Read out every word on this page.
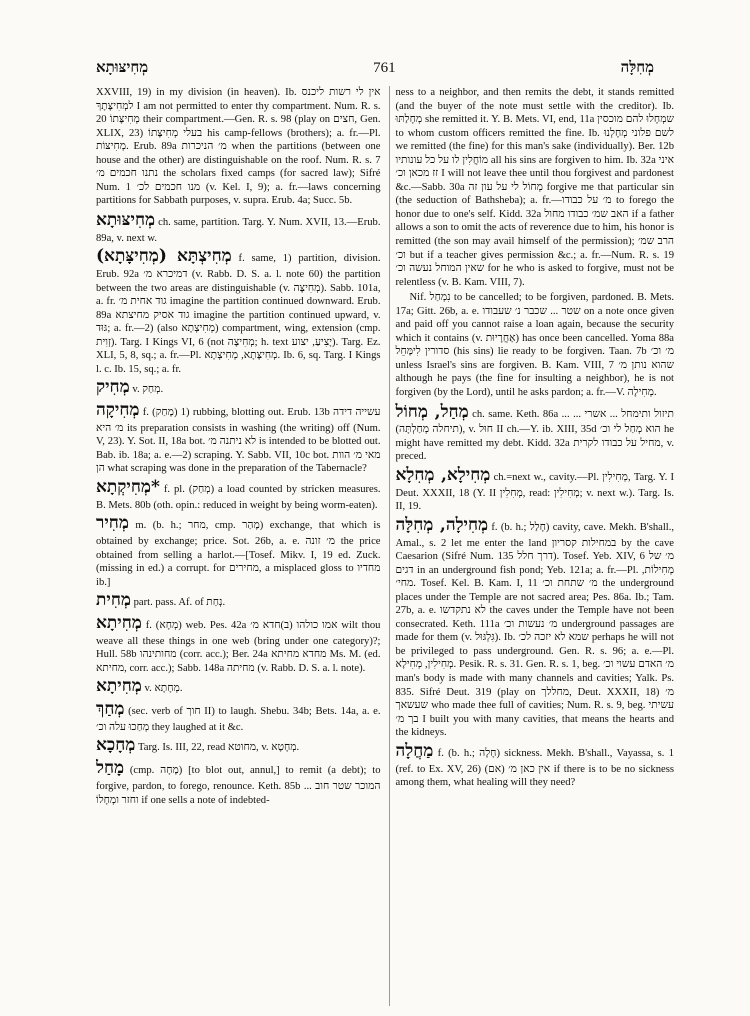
מְחִיצּוּתָא	761	מְחִלָּה

XXVIII, 19) in my division (in heaven). Ib. אין לי רשות ליכנס למְחִיצָּתָךְ I am not permitted to enter thy compartment. Num. R. s. 20 מְחִיצָּתוֹ their compartment.—Gen. R. s. 98 (play on חצים, Gen. XLIX, 23) בעלי מְחִיצָּתוֹ his camp-fellows (brothers); a. fr.—Pl. מְחִיצּוֹת. Erub. 89a מ׳ הניכרות when the partitions (between one house and the other) are distinguishable on the roof. Num. R. s. 7 נתנו חכמים מ׳ the scholars fixed camps (for sacred law); Sifré Num. 1 מנו חכמים לכ׳ (v. Kel. I, 9); a. fr.—laws concerning partitions for Sabbath purposes, v. supra. Erub. 4a; Succ. 5b.

מְחִיצּוּתָא ch. same, partition. Targ. Y. Num. XVII, 13.—Erub. 89a, v. next w.

מְחִיצְתָּא (מְחִיצָּתָא) f. same, 1) partition, division. Erub. 92a דמיכרא מ׳ (v. Rabb. D. S. a. l. note 60) the partition between the two areas are distinguishable (v. מְחִיצָּה). Sabb. 101a, a. fr. גוד אחית מ׳ imagine the partition continued downward. Erub. 89a גוד אסיק מחיצתא imagine the partition continued upward, v. גּוּד; a. fr.—2) (also מְחִיצְתָא) compartment, wing, extension (cmp. זְוִית). Targ. I Kings VI, 6 (not מְחִיצָה; h. text יָצִיעַ, יצוע). Targ. Ez. XLI, 5, 8, sq.; a. fr.—Pl. מְחִיצָּתָא, מְחִיצְתָא. Ib. 6, sq. Targ. I Kings l. c. Ib. 15, sq.; a. fr.

מְחִיק v. מְחַק.

מְחִיקָה f. (מָחַק) 1) rubbing, blotting out. Erub. 13b עשייה דידה מ׳ היא its preparation consists in washing (the writing) off (Num. V, 23). Y. Sot. II, 18a bot. לא ניתנה מ׳ is intended to be blotted out. Bab. ib. 18a; a. e.—2) scraping. Y. Sabb. VII, 10c bot. מאי מ׳ הוות הן what scraping was done in the preparation of the Tabernacle?

*מְחִיקְתָא f. pl. (מְחַק) a load counted by stricken measures. B. Mets. 80b (oth. opin.: reduced in weight by being worm-eaten).

מְחִיר m. (b. h.; מחר, cmp. מָהַר) exchange, that which is obtained by exchange; price. Sot. 26b, a. e. מ׳ זונה the price obtained from selling a harlot.—[Tosef. Mikv. I, 19 ed. Zuck. (missing in ed.) a corrupt. for מחירים, a misplaced gloss to מחדיו ib.]

מְחִית part. pass. Af. of נְחַת.

מְחִיתָא f. (מְחָא) web. Pes. 42a אמו כולהו (ב)חדא מ׳ wilt thou weave all these things in one web (bring under one category)?; Hull. 58b מחותינהו (corr. acc.); Ber. 24a מחדא מחיתא Ms. M. (ed. מחיתא, corr. acc.); Sabb. 148a מחיתה (v. Rabb. D. S. a. l. note).

מְחִיתָא v. מְחָתָא.

מְחַךְ (sec. verb of חוך II) to laugh. Shebu. 34b; Bets. 14a, a. e. מְחַכוּ עלה וכ׳ they laughed at it &c.

מְחָכָא Targ. Is. III, 22, read מחוטא, v. מְחָטָא.

מָחַל (cmp. מָחָה) [to blot out, annul,] to remit (a debt); to forgive, pardon, to forego, renounce. Keth. 85b המוכר שטר חוב ... וחזר ומְחָלוֹ if one sells a note of indebted-

ness to a neighbor, and then remits the debt, it stands remitted (and the buyer of the note must settle with the creditor). Ib. מְחָלַתּוּ she remitted it. Y. B. Mets. VI, end, 11a שמְחָלוּ להם מוכסין to whom custom officers remitted the fine. Ib. לשם פלוני מְחָלְנוּ we remitted (the fine) for this man's sake (individually). Ber. 12b מוֹחֲלִין לו על כל עונותיו all his sins are forgiven to him. Ib. 32a איני זז מכאן וכ׳ I will not leave thee until thou forgivest and pardonest &c.—Sabb. 30a מְחוֹל לי על עון זה forgive me that particular sin (the seduction of Bathsheba); a. fr.—מ׳ על כבודו to forego the honor due to one's self. Kidd. 32a האב שמ׳ כבודו מחול if a father allows a son to omit the acts of reverence due to him, his honor is remitted (the son may avail himself of the permission); הרב שמ׳ וכ׳ but if a teacher gives permission &c.; a. fr.—Num. R. s. 19 שאין המוחל נעשה וכ׳ for he who is asked to forgive, must not be relentless (v. B. Kam. VIII, 7).

Nif. נִמְחַל to be cancelled; to be forgiven, pardoned. B. Mets. 17a; Gitt. 26b, a. e. שטר ... שכבר נ׳ שעבודו on a note once given and paid off you cannot raise a loan again, because the security which it contains (v. אַחֲרָיוּת) has once been cancelled. Yoma 88a סדורין לִימָּחֵל (his sins) lie ready to be forgiven. Taan. 7b מ׳ וכ׳ unless Israel's sins are forgiven. B. Kam. VIII, 7 שהוא נותן מ׳ although he pays (the fine for insulting a neighbor), he is not forgiven (by the Lord), until he asks pardon; a. fr.—V. מְחִילָה.

מְחַל, מְחוֹל ch. same. Keth. 86a ... תיזול ותימחל ... אשרי ... (תיחלה מְחַלְתָּה), v. חוּל II ch.—Y. ib. XIII, 35d הוא מְחַל לי וכ׳ he might have remitted my debt. Kidd. 32a מחיל על כבודו לקרית, v. preced.

מְחִילָא, מְחִלָא ch.=next w., cavity.—Pl. מְחִילִין, Targ. Y. I Deut. XXXII, 18 (Y. II מְחִלִין, read: מְחִילִין; v. next w.). Targ. Is. II, 19.

מְחִילָה, מְחִלָּה f. (b. h.; חָלַל) cavity, cave. Mekh. B'shall., Amal., s. 2 let me enter the land במחילות קסריון by the cave Caesarion (Sifré Num. 135 דרך חלל). Tosef. Yeb. XIV, 6 מ׳ של דגים in an underground fish pond; Yeb. 121a; a. fr.—Pl. מְחִילוֹת, מחי׳. Tosef. Kel. B. Kam. I, 11 מ׳ שתחת וכ׳ the underground places under the Temple are not sacred area; Pes. 86a. Ib.; Tam. 27b, a. e. לא נתקדשו the caves under the Temple have not been consecrated. Keth. 111a מ׳ נעשות וכ׳ underground passages are made for them (v. גִּלְגּוּל). Ib. שמא לא יזכה לכ׳ perhaps he will not be privileged to pass underground. Gen. R. s. 96; a. e.—Pl. מְחִילִין, מְחִילָא. Pesik. R. s. 31. Gen. R. s. 1, beg. מ׳ האדם עשוי וכ׳ man's body is made with many channels and cavities; Yalk. Ps. 835. Sifré Deut. 319 (play on מחללך, Deut. XXXII, 18) מ׳ שעשאך who made thee full of cavities; Num. R. s. 9, beg. עשיתי בך מ׳ I built you with many cavities, that means the hearts and the kidneys.

מַחֲלָה f. (b. h.; חָלָה) sickness. Mekh. B'shall., Vayassa, s. 1 (ref. to Ex. XV, 26) (אם) אין כאן מ׳ if there is to be no sickness among them, what healing will they need?
